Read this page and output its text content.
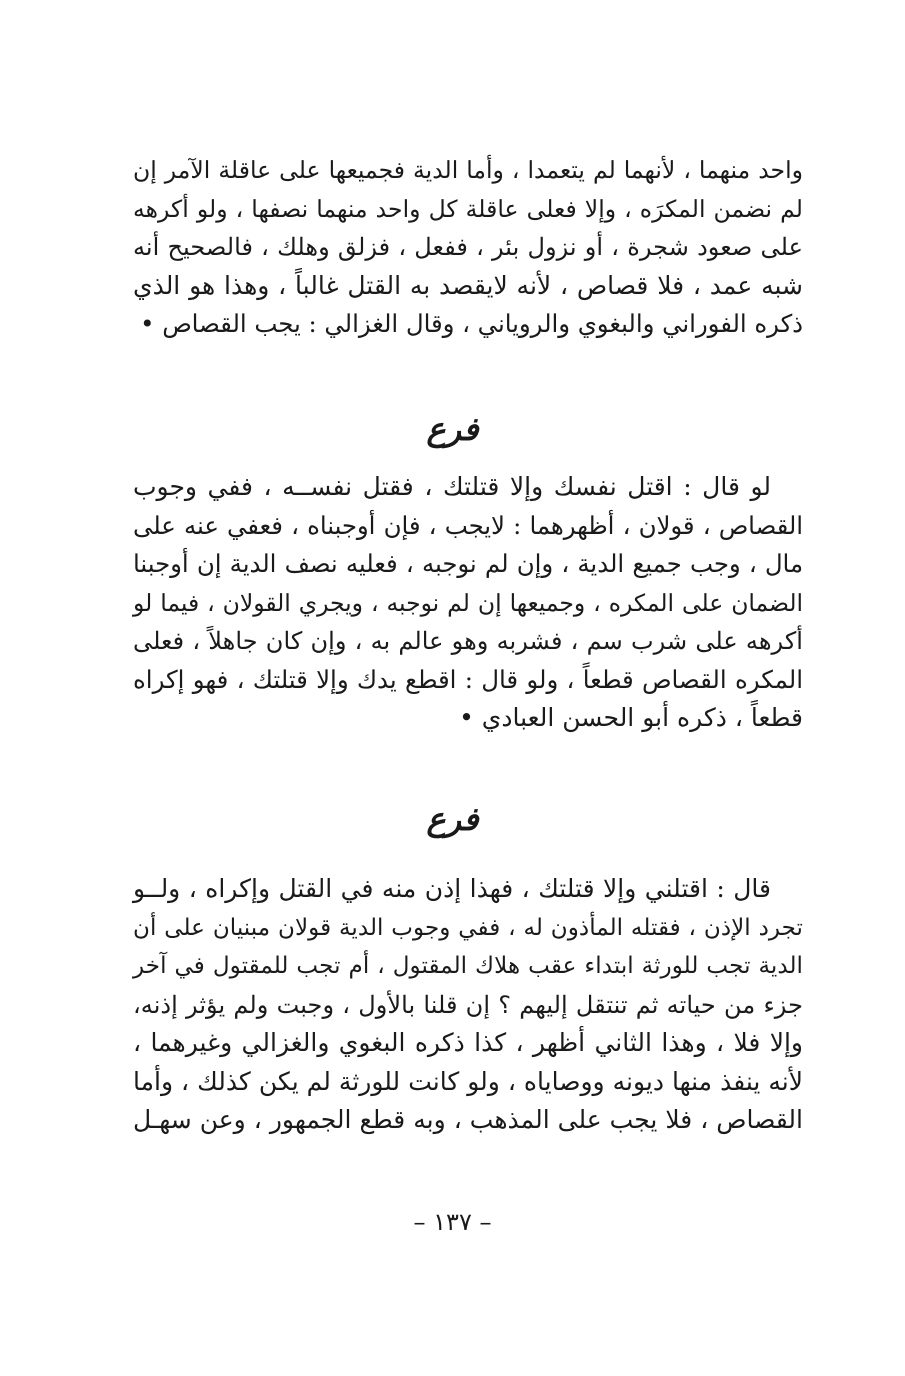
واحد منهما ، لأنهما لم يتعمدا ، وأما الدية فجميعها على عاقلة الآمر إن
لم نضمن المكرَه ، وإلا فعلى عاقلة كل واحد منهما نصفها ، ولو أكرهه
على صعود شجرة ، أو نزول بئر ، ففعل ، فزلق وهلك ، فالصحيح أنه
شبه عمد ، فلا قصاص ، لأنه لايقصد به القتل غالباً ، وهذا هو الذي
ذكره الفوراني والبغوي والروياني ، وقال الغزالي : يجب القصاص •
فرع
لو قال : اقتل نفسك وإلا قتلتك ، فقتل نفســه ، ففي وجوب
القصاص ، قولان ، أظهرهما : لايجب ، فإن أوجبناه ، فعفي عنه على
مال ، وجب جميع الدية ، وإن لم نوجبه ، فعليه نصف الدية إن أوجبنا
الضمان على المكره ، وجميعها إن لم نوجبه ، ويجري القولان ، فيما لو
أكرهه على شرب سم ، فشربه وهو عالم به ، وإن كان جاهلاً ، فعلى
المكره القصاص قطعاً ، ولو قال : اقطع يدك وإلا قتلتك ، فهو إكراه
قطعاً ، ذكره أبو الحسن العبادي •
فرع
قال : اقتلني وإلا قتلتك ، فهذا إذن منه في القتل وإكراه ، ولــو
تجرد الإذن ، فقتله المأذون له ، ففي وجوب الدية قولان مبنيان على أن
الدية تجب للورثة ابتداء عقب هلاك المقتول ، أم تجب للمقتول في آخر
جزء من حياته ثم تنتقل إليهم ؟ إن قلنا بالأول ، وجبت ولم يؤثر إذنه،
وإلا فلا ، وهذا الثاني أظهر ، كذا ذكره البغوي والغزالي وغيرهما ،
لأنه ينفذ منها ديونه ووصاياه ، ولو كانت للورثة لم يكن كذلك ، وأما
القصاص ، فلا يجب على المذهب ، وبه قطع الجمهور ، وعن سهـل
– ١٣٧ –
